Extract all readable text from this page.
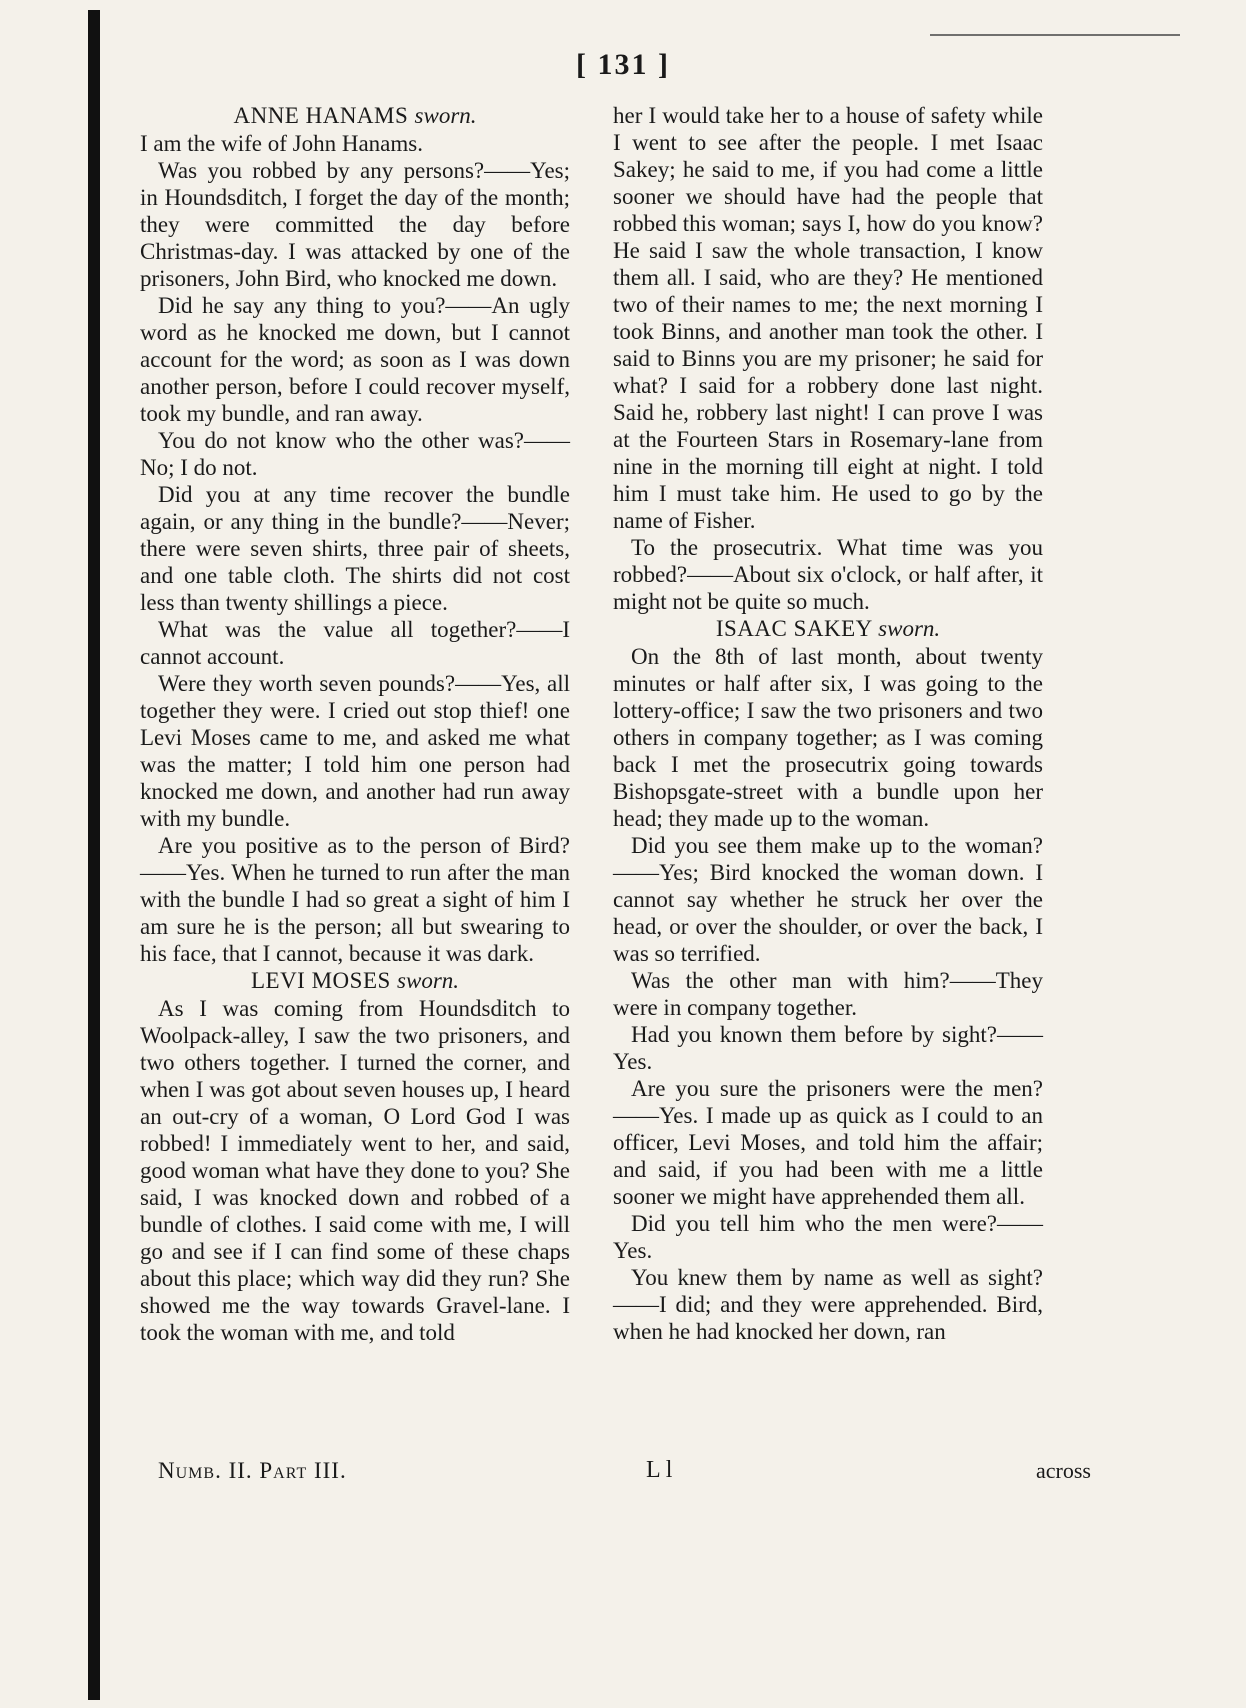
[ 131 ]
ANNE HANAMS sworn.

I am the wife of John Hanams.

Was you robbed by any persons?——Yes; in Houndsditch, I forget the day of the month; they were committed the day before Christmas-day. I was attacked by one of the prisoners, John Bird, who knocked me down.

Did he say any thing to you?——An ugly word as he knocked me down, but I cannot account for the word; as soon as I was down another person, before I could recover myself, took my bundle, and ran away.

You do not know who the other was?——No; I do not.

Did you at any time recover the bundle again, or any thing in the bundle?——Never; there were seven shirts, three pair of sheets, and one table cloth. The shirts did not cost less than twenty shillings a piece.

What was the value all together?——I cannot account.

Were they worth seven pounds?——Yes, all together they were. I cried out stop thief! one Levi Moses came to me, and asked me what was the matter; I told him one person had knocked me down, and another had run away with my bundle.

Are you positive as to the person of Bird?——Yes. When he turned to run after the man with the bundle I had so great a sight of him I am sure he is the person; all but swearing to his face, that I cannot, because it was dark.

LEVI MOSES sworn.

As I was coming from Houndsditch to Woolpack-alley, I saw the two prisoners, and two others together. I turned the corner, and when I was got about seven houses up, I heard an out-cry of a woman, O Lord God I was robbed! I immediately went to her, and said, good woman what have they done to you? She said, I was knocked down and robbed of a bundle of clothes. I said come with me, I will go and see if I can find some of these chaps about this place; which way did they run? She showed me the way towards Gravel-lane. I took the woman with me, and told

her I would take her to a house of safety while I went to see after the people. I met Isaac Sakey; he said to me, if you had come a little sooner we should have had the people that robbed this woman; says I, how do you know? He said I saw the whole transaction, I know them all. I said, who are they? He mentioned two of their names to me; the next morning I took Binns, and another man took the other. I said to Binns you are my prisoner; he said for what? I said for a robbery done last night. Said he, robbery last night! I can prove I was at the Fourteen Stars in Rosemary-lane from nine in the morning till eight at night. I told him I must take him. He used to go by the name of Fisher.

To the prosecutrix. What time was you robbed?——About six o'clock, or half after, it might not be quite so much.

ISAAC SAKEY sworn.

On the 8th of last month, about twenty minutes or half after six, I was going to the lottery-office; I saw the two prisoners and two others in company together; as I was coming back I met the prosecutrix going towards Bishopsgate-street with a bundle upon her head; they made up to the woman.

Did you see them make up to the woman?——Yes; Bird knocked the woman down. I cannot say whether he struck her over the head, or over the shoulder, or over the back, I was so terrified.

Was the other man with him?——They were in company together.

Had you known them before by sight?——Yes.

Are you sure the prisoners were the men?——Yes. I made up as quick as I could to an officer, Levi Moses, and told him the affair; and said, if you had been with me a little sooner we might have apprehended them all.

Did you tell him who the men were?——Yes.

You knew them by name as well as sight?——I did; and they were apprehended. Bird, when he had knocked her down, ran

Numb. II. Part III.	L l	across
